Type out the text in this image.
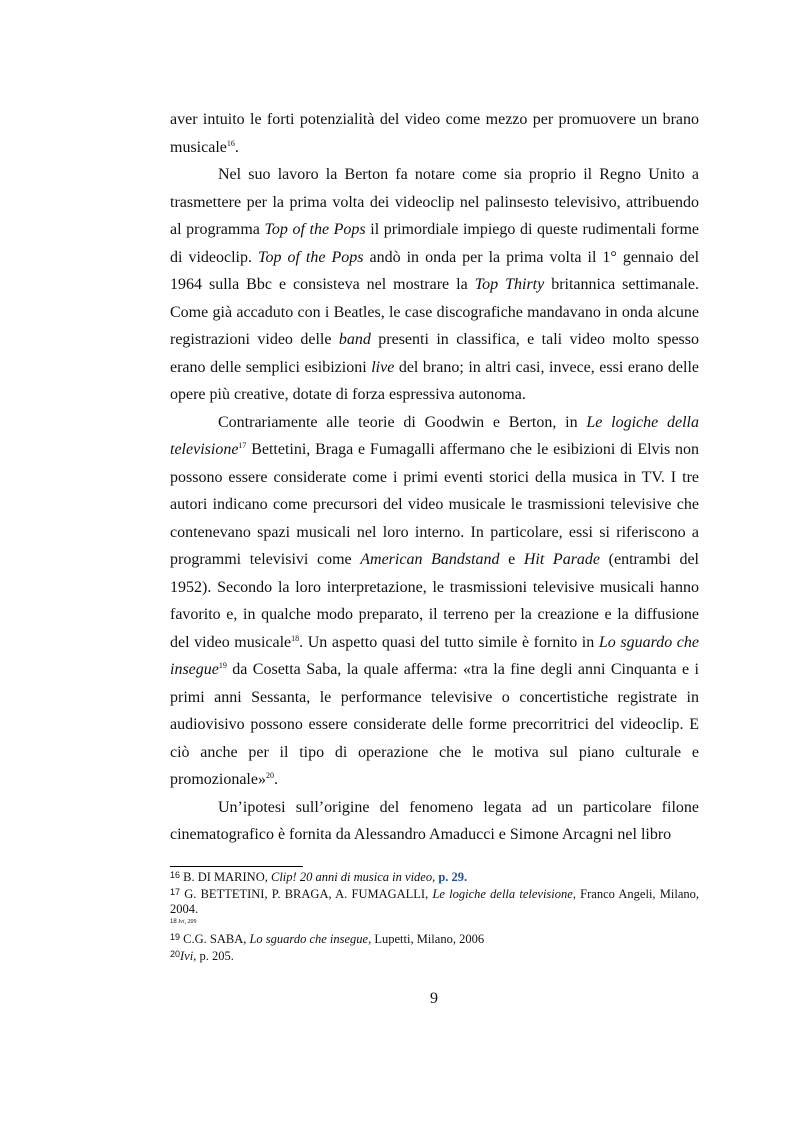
aver intuito le forti potenzialità del video come mezzo per promuovere un brano musicale$^{16}$.

Nel suo lavoro la Berton fa notare come sia proprio il Regno Unito a trasmettere per la prima volta dei videoclip nel palinsesto televisivo, attribuendo al programma Top of the Pops il primordiale impiego di queste rudimentali forme di videoclip. Top of the Pops andò in onda per la prima volta il 1° gennaio del 1964 sulla Bbc e consisteva nel mostrare la Top Thirty britannica settimanale. Come già accaduto con i Beatles, le case discografiche mandavano in onda alcune registrazioni video delle band presenti in classifica, e tali video molto spesso erano delle semplici esibizioni live del brano; in altri casi, invece, essi erano delle opere più creative, dotate di forza espressiva autonoma.

Contrariamente alle teorie di Goodwin e Berton, in Le logiche della televisione$^{17}$ Bettetini, Braga e Fumagalli affermano che le esibizioni di Elvis non possono essere considerate come i primi eventi storici della musica in TV. I tre autori indicano come precursori del video musicale le trasmissioni televisive che contenevano spazi musicali nel loro interno. In particolare, essi si riferiscono a programmi televisivi come American Bandstand e Hit Parade (entrambi del 1952). Secondo la loro interpretazione, le trasmissioni televisive musicali hanno favorito e, in qualche modo preparato, il terreno per la creazione e la diffusione del video musicale$^{18}$. Un aspetto quasi del tutto simile è fornito in Lo sguardo che insegue$^{19}$ da Cosetta Saba, la quale afferma: «tra la fine degli anni Cinquanta e i primi anni Sessanta, le performance televisive o concertistiche registrate in audiovisivo possono essere considerate delle forme precorritrici del videoclip. E ciò anche per il tipo di operazione che le motiva sul piano culturale e promozionale»$^{20}$.

Un’ipotesi sull’origine del fenomeno legata ad un particolare filone cinematografico è fornita da Alessandro Amaducci e Simone Arcagni nel libro

$^{16}$ B. DI MARINO, Clip! 20 anni di musica in video, p. 29.
$^{17}$ G. BETTETINI, P. BRAGA, A. FUMAGALLI, Le logiche della televisione, Franco Angeli, Milano, 2004.
18 Ivi, 209
$^{19}$ C.G. SABA, Lo sguardo che insegue, Lupetti, Milano, 2006
$^{20}$Ivi, p. 205.
9
